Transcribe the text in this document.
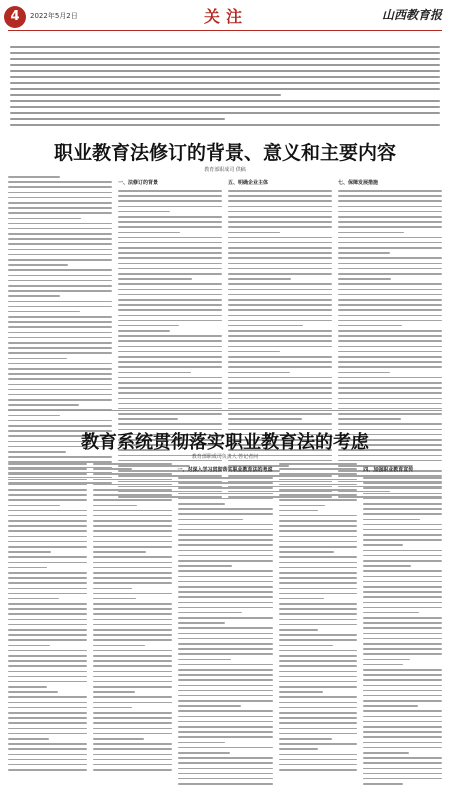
4	2022年5月2日	关注	山西教育报
职业教育法修订的背景、意义和主要内容
教育部职成司 供稿
一、法修订的背景	五、明确企业主体	七、保障发展措施
教育系统贯彻落实职业教育法的考虑
教育部职成司负责人 答记者问
一、对深入学习贯彻落实职业教育法的考虑	四、加强职业教育宣传
